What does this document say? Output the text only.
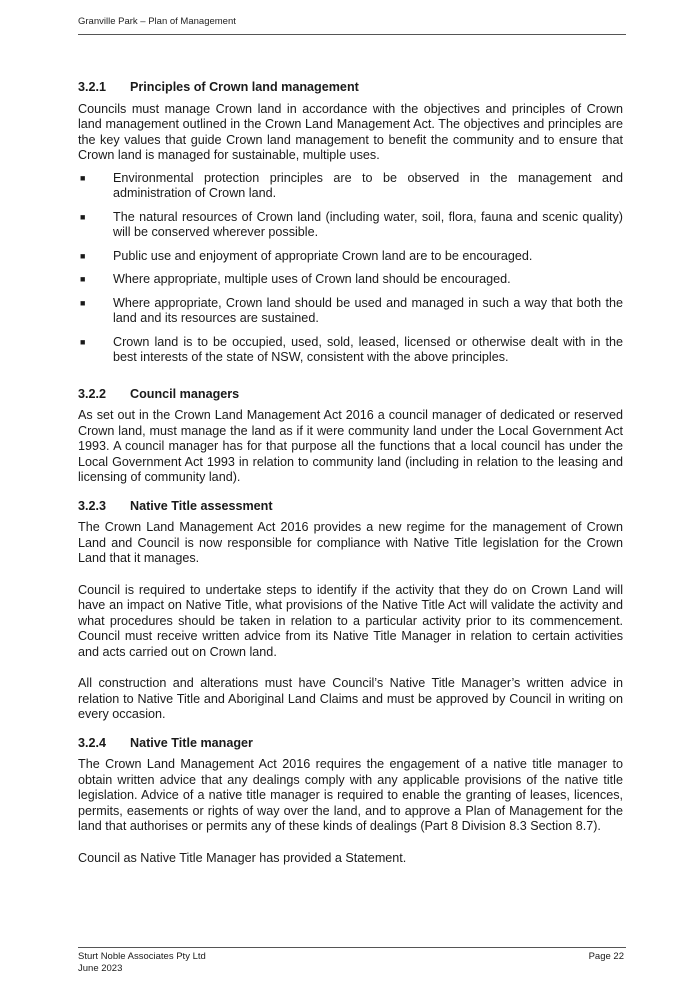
Granville Park – Plan of Management
3.2.1 Principles of Crown land management

Councils must manage Crown land in accordance with the objectives and principles of Crown land management outlined in the Crown Land Management Act. The objectives and principles are the key values that guide Crown land management to benefit the community and to ensure that Crown land is managed for sustainable, multiple uses.

■ Environmental protection principles are to be observed in the management and administration of Crown land.
■ The natural resources of Crown land (including water, soil, flora, fauna and scenic quality) will be conserved wherever possible.
■ Public use and enjoyment of appropriate Crown land are to be encouraged.
■ Where appropriate, multiple uses of Crown land should be encouraged.
■ Where appropriate, Crown land should be used and managed in such a way that both the land and its resources are sustained.
■ Crown land is to be occupied, used, sold, leased, licensed or otherwise dealt with in the best interests of the state of NSW, consistent with the above principles.
3.2.2 Council managers

As set out in the Crown Land Management Act 2016 a council manager of dedicated or reserved Crown land, must manage the land as if it were community land under the Local Government Act 1993. A council manager has for that purpose all the functions that a local council has under the Local Government Act 1993 in relation to community land (including in relation to the leasing and licensing of community land).

3.2.3 Native Title assessment

The Crown Land Management Act 2016 provides a new regime for the management of Crown Land and Council is now responsible for compliance with Native Title legislation for the Crown Land that it manages.

Council is required to undertake steps to identify if the activity that they do on Crown Land will have an impact on Native Title, what provisions of the Native Title Act will validate the activity and what procedures should be taken in relation to a particular activity prior to its commencement. Council must receive written advice from its Native Title Manager in relation to certain activities and acts carried out on Crown land.

All construction and alterations must have Council’s Native Title Manager’s written advice in relation to Native Title and Aboriginal Land Claims and must be approved by Council in writing on every occasion.

3.2.4 Native Title manager

The Crown Land Management Act 2016 requires the engagement of a native title manager to obtain written advice that any dealings comply with any applicable provisions of the native title legislation. Advice of a native title manager is required to enable the granting of leases, licences, permits, easements or rights of way over the land, and to approve a Plan of Management for the land that authorises or permits any of these kinds of dealings (Part 8 Division 8.3 Section 8.7).

Council as Native Title Manager has provided a Statement.

Sturt Noble Associates Pty Ltd
June 2023
Page 22
